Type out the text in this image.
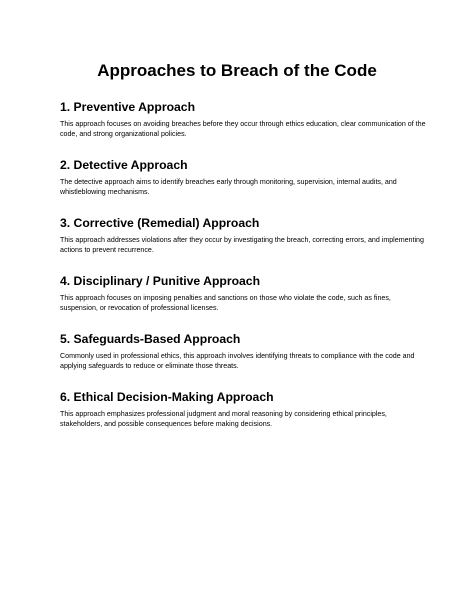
Approaches to Breach of the Code
1. Preventive Approach

This approach focuses on avoiding breaches before they occur through ethics education, clear communication of the code, and strong organizational policies.

2. Detective Approach

The detective approach aims to identify breaches early through monitoring, supervision, internal audits, and whistleblowing mechanisms.

3. Corrective (Remedial) Approach

This approach addresses violations after they occur by investigating the breach, correcting errors, and implementing actions to prevent recurrence.

4. Disciplinary / Punitive Approach

This approach focuses on imposing penalties and sanctions on those who violate the code, such as fines, suspension, or revocation of professional licenses.

5. Safeguards-Based Approach

Commonly used in professional ethics, this approach involves identifying threats to compliance with the code and applying safeguards to reduce or eliminate those threats.

6. Ethical Decision-Making Approach

This approach emphasizes professional judgment and moral reasoning by considering ethical principles, stakeholders, and possible consequences before making decisions.
